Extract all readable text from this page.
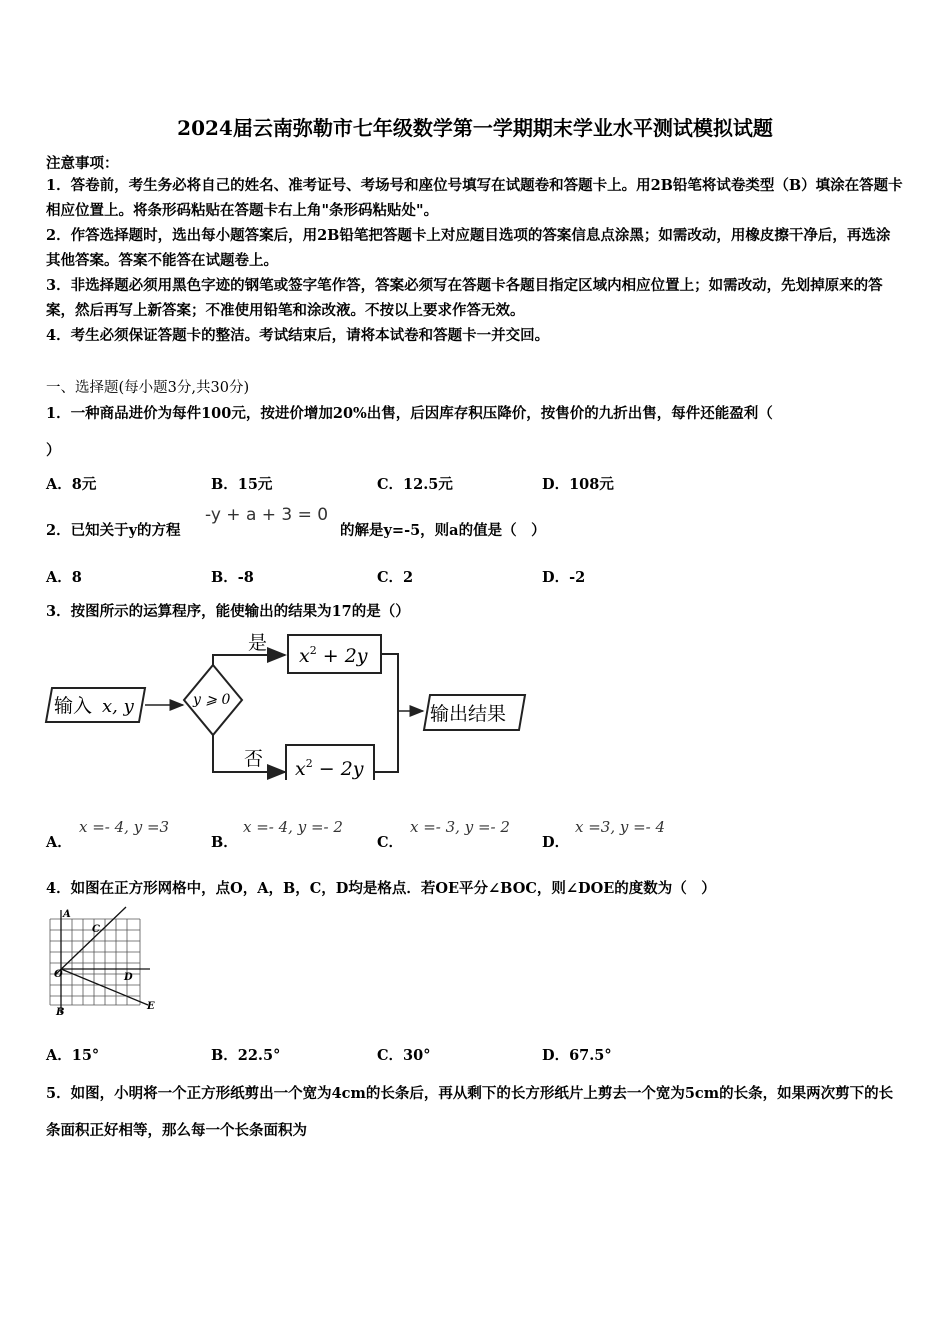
2024届云南弥勒市七年级数学第一学期期末学业水平测试模拟试题
注意事项：
1．答卷前，考生务必将自己的姓名、准考证号、考场号和座位号填写在试题卷和答题卡上。用2B铅笔将试卷类型（B）填涂在答题卡相应位置上。将条形码粘贴在答题卡右上角"条形码粘贴处"。
2．作答选择题时，选出每小题答案后，用2B铅笔把答题卡上对应题目选项的答案信息点涂黑；如需改动，用橡皮擦干净后，再选涂其他答案。答案不能答在试题卷上。
3．非选择题必须用黑色字迹的钢笔或签字笔作答，答案必须写在答题卡各题目指定区域内相应位置上；如需改动，先划掉原来的答案，然后再写上新答案；不准使用铅笔和涂改液。不按以上要求作答无效。
4．考生必须保证答题卡的整洁。考试结束后，请将本试卷和答题卡一并交回。
一、选择题(每小题3分,共30分)
1．一种商品进价为每件100元，按进价增加20%出售，后因库存积压降价，按售价的九折出售，每件还能盈利（
）
A．8元	B．15元	C．12.5元	D．108元
2．已知关于y的方程
-y + a + 3 = 0
的解是y=-5，则a的值是（　）
A．8	B．-8	C．2	D．-2
3．按图所示的运算程序，能使输出的结果为17的是（）
输入 x, y	y ⩾ 0
是
$x^2 + 2y$
否 $x^2 - 2y$
输出结果
A．
x =- 4, y =3
B．
x =- 4, y =- 2
C．
x =- 3, y =- 2
D．
x =3, y =- 4
4．如图在正方形网格中，点O，A，B，C，D均是格点．若OE平分∠BOC，则∠DOE的度数为（　）
A
C
O	D
B
E
A．15°	B．22.5°	C．30°	D．67.5°
5．如图，小明将一个正方形纸剪出一个宽为4cm的长条后，再从剩下的长方形纸片上剪去一个宽为5cm的长条，如果两次剪下的长条面积正好相等，那么每一个长条面积为
